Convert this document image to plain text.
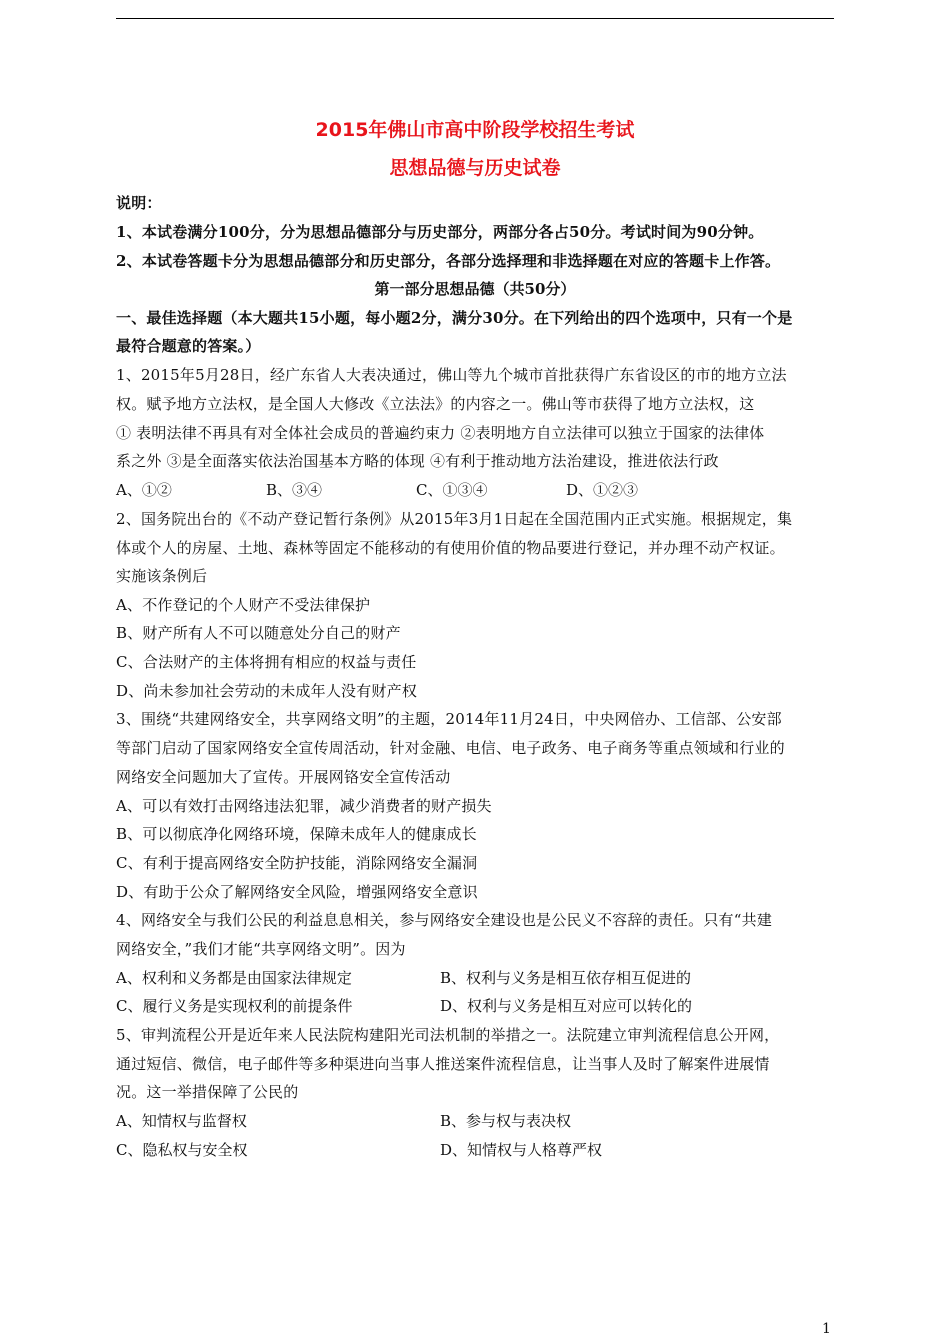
2015年佛山市高中阶段学校招生考试
思想品德与历史试卷
说明：
1、本试卷满分100分，分为思想品德部分与历史部分，两部分各占50分。考试时间为90分钟。
2、本试卷答题卡分为思想品德部分和历史部分，各部分选择理和非选择题在对应的答题卡上作答。
第一部分思想品德（共50分）
一、最佳选择题（本大题共15小题，每小题2分，满分30分。在下列给出的四个选项中，只有一个是
最符合题意的答案。）
1、2015年5月28日，经广东省人大表决通过，佛山等九个城市首批获得广东省设区的市的地方立法
权。赋予地方立法权，是全国人大修改《立法法》的内容之一。佛山等市获得了地方立法权，这
① 表明法律不再具有对全体社会成员的普遍约束力 ②表明地方自立法律可以独立于国家的法律体
系之外 ③是全面落实依法治国基本方略的体现 ④有利于推动地方法治建设，推进依法行政
A、①②	B、③④	C、①③④	D、①②③
2、国务院出台的《不动产登记暂行条例》从2015年3月1日起在全国范围内正式实施。根据规定，集
体或个人的房屋、土地、森林等固定不能移动的有使用价值的物品要进行登记，并办理不动产权证。
实施该条例后
A、不作登记的个人财产不受法律保护
B、财产所有人不可以随意处分自己的财产
C、合法财产的主体将拥有相应的权益与责任
D、尚未参加社会劳动的未成年人没有财产权
3、围绕“共建网络安全，共享网络文明”的主题，2014年11月24日，中央网倍办、工信部、公安部
等部门启动了国家网络安全宣传周活动，针对金融、电信、电子政务、电子商务等重点领域和行业的
网络安全问题加大了宣传。开展网铬安全宣传活动
A、可以有效打击网络违法犯罪，减少消费者的财产损失
B、可以彻底净化网络环境，保障未成年人的健康成长
C、有利于提高网络安全防护技能，消除网络安全漏洞
D、有助于公众了解网络安全风险，增强网络安全意识
4、网络安全与我们公民的利益息息相关，参与网络安全建设也是公民义不容辞的责任。只有“共建
网络安全，”我们才能“共享网络文明”。因为
A、权利和义务都是由国家法律规定	B、权利与义务是相互依存相互促进的
C、履行义务是实现权利的前提条件	D、权利与义务是相互对应可以转化的
5、审判流程公开是近年来人民法院构建阳光司法机制的举措之一。法院建立审判流程信息公开网，
通过短信、微信，电子邮件等多种渠进向当事人推送案件流程信息，让当事人及时了解案件进展情
况。这一举措保障了公民的
A、知情权与监督权	B、参与权与表决权
C、隐私权与安全权	D、知情权与人格尊严权
1
